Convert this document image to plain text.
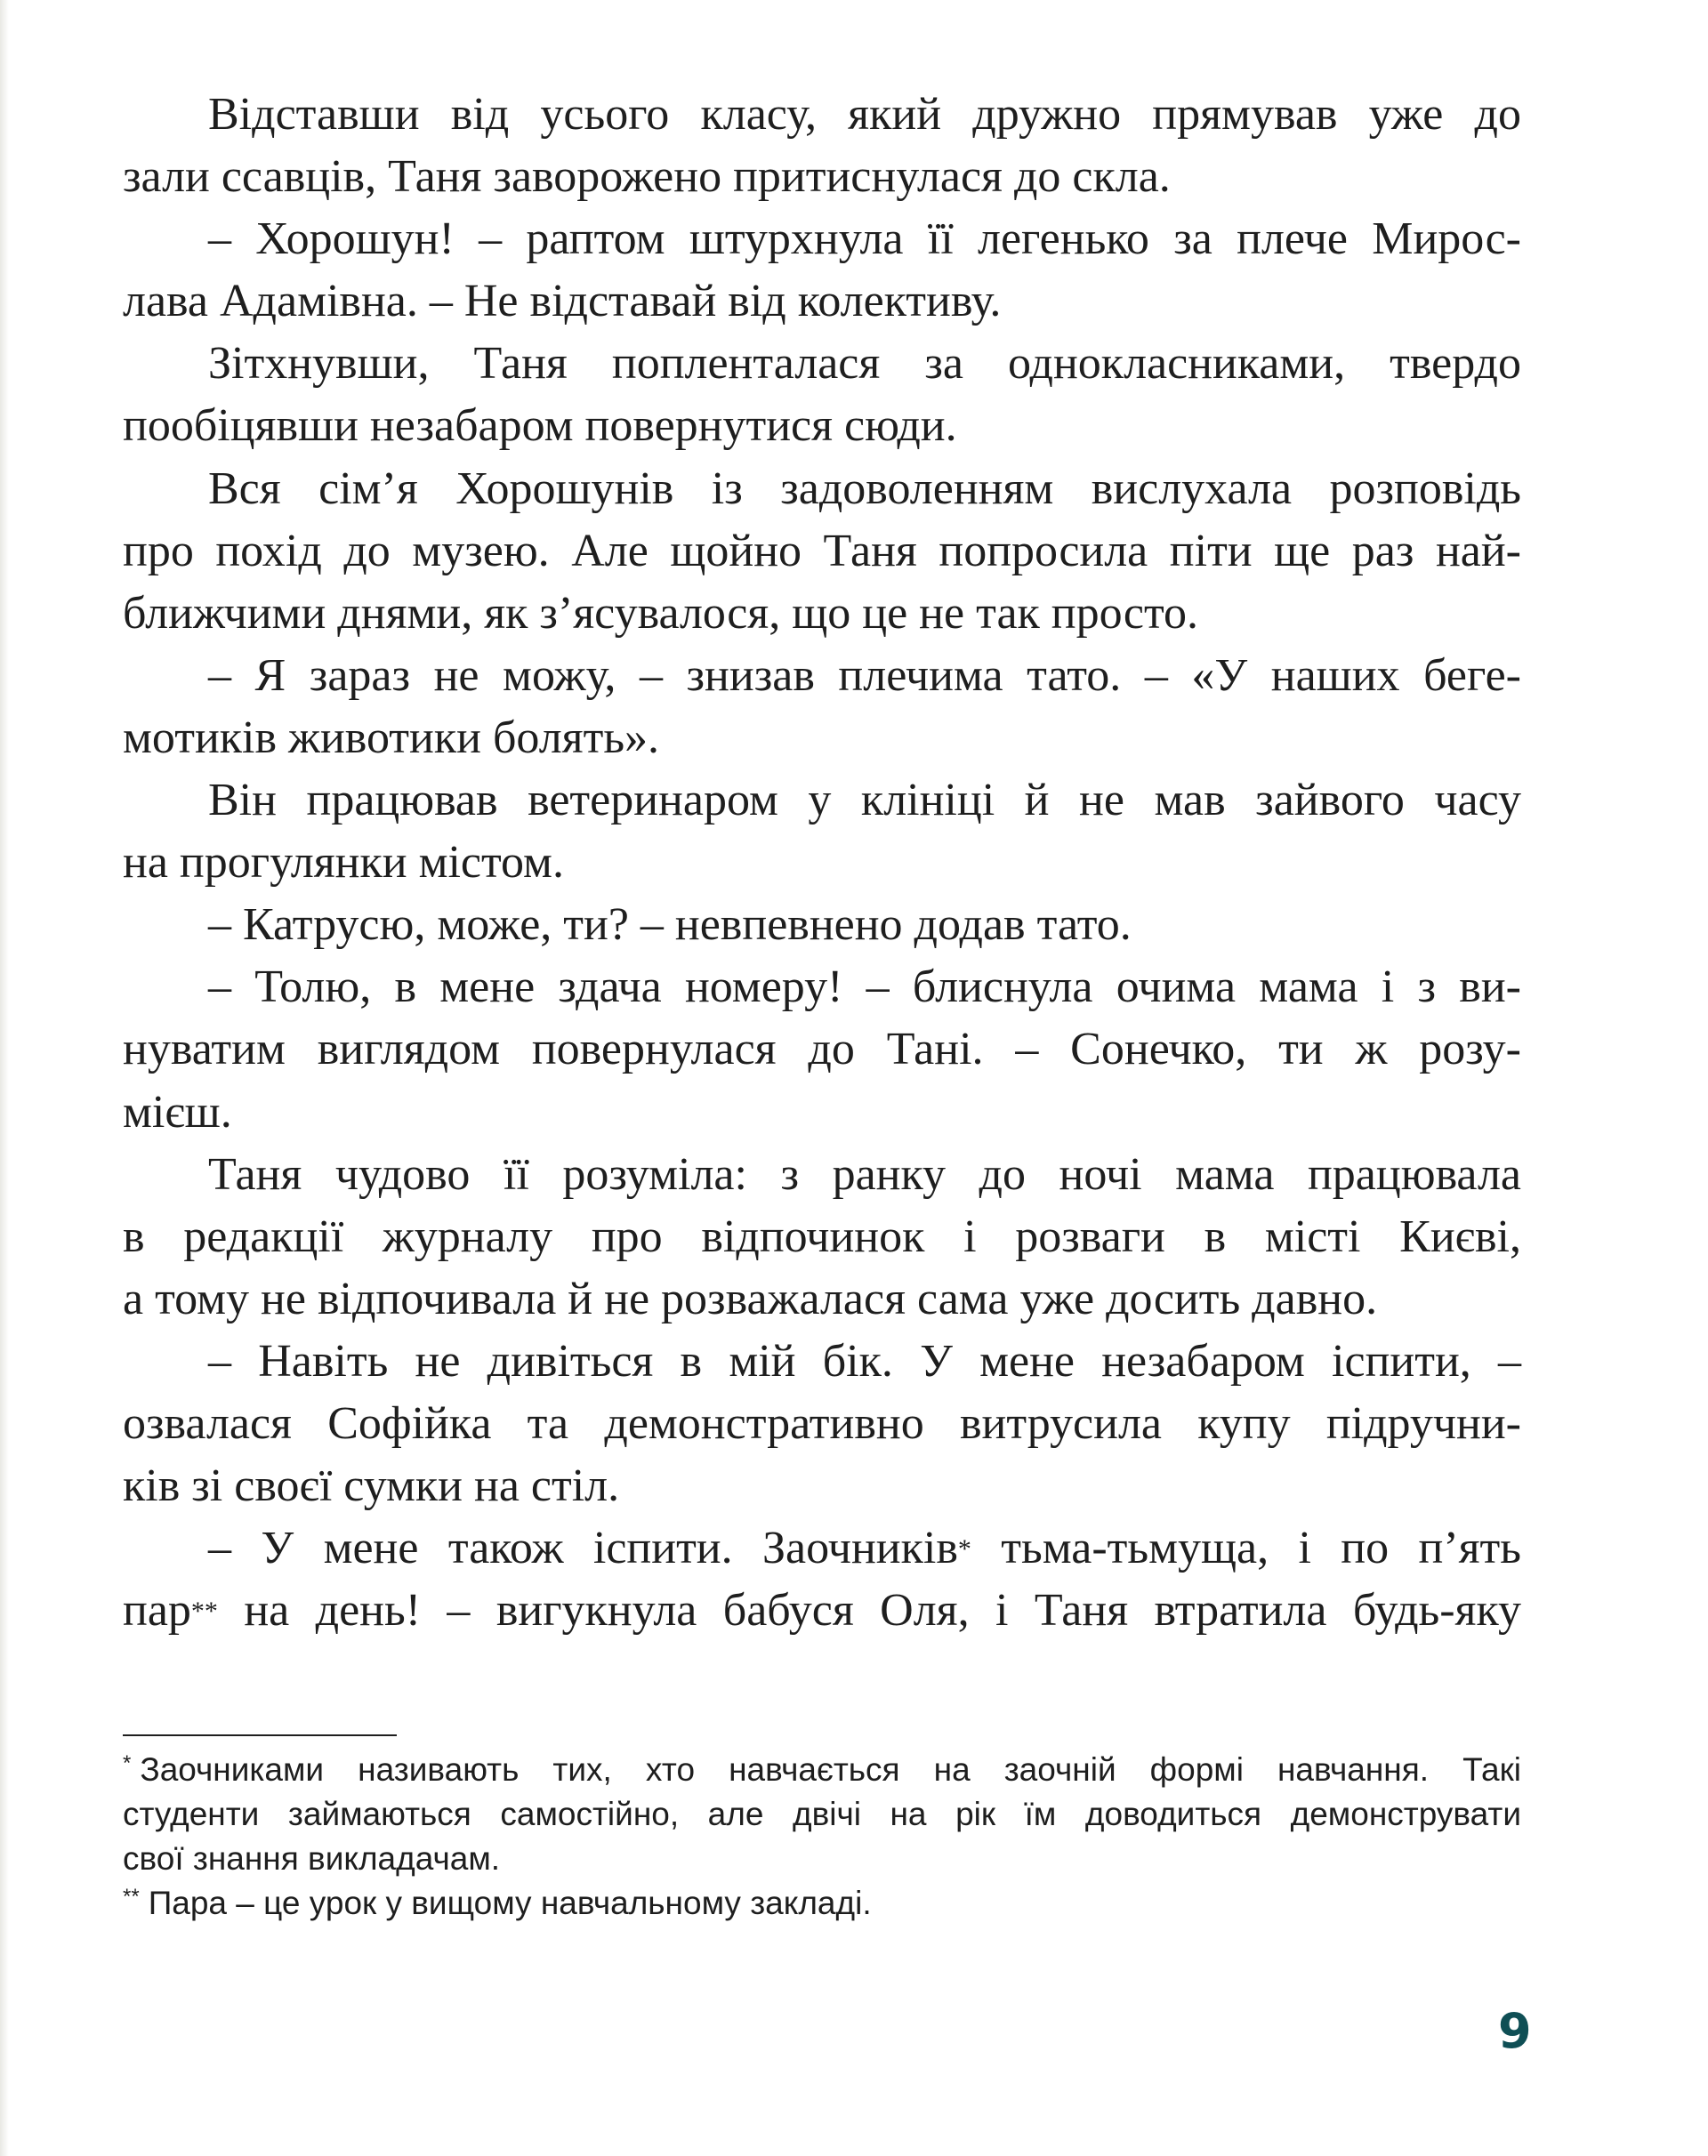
Відставши від усього класу, який дружно прямував уже до
зали ссавців, Таня заворожено притиснулася до скла.
– Хорошун! – раптом штурхнула її легенько за плече Мирос-
лава Адамівна. – Не відставай від колективу.
Зітхнувши, Таня попленталася за однокласниками, твердо
пообіцявши незабаром повернутися сюди.
Вся сім’я Хорошунів із задоволенням вислухала розповідь
про похід до музею. Але щойно Таня попросила піти ще раз най-
ближчими днями, як з’ясувалося, що це не так просто.
– Я зараз не можу, – знизав плечима тато. – «У наших беге-
мотиків животики болять».
Він працював ветеринаром у клініці й не мав зайвого часу
на прогулянки містом.
– Катрусю, може, ти? – невпевнено додав тато.
– Толю, в мене здача номеру! – блиснула очима мама і з ви-
нуватим виглядом повернулася до Тані. – Сонечко, ти ж розу-
мієш.
Таня чудово її розуміла: з ранку до ночі мама працювала
в редакції журналу про відпочинок і розваги в місті Києві,
а тому не відпочивала й не розважалася сама уже досить давно.
– Навіть не дивіться в мій бік. У мене незабаром іспити, –
озвалася Софійка та демонстративно витрусила купу підручни-
ків зі своєї сумки на стіл.
– У мене також іспити. Заочників* тьма-тьмуща, і по п’ять
пар** на день! – вигукнула бабуся Оля, і Таня втратила будь-яку
* Заочниками називають тих, хто навчається на заочній формі навчання. Такі
студенти займаються самостійно, але двічі на рік їм доводиться демонструвати
свої знання викладачам.
** Пара – це урок у вищому навчальному закладі.
9
